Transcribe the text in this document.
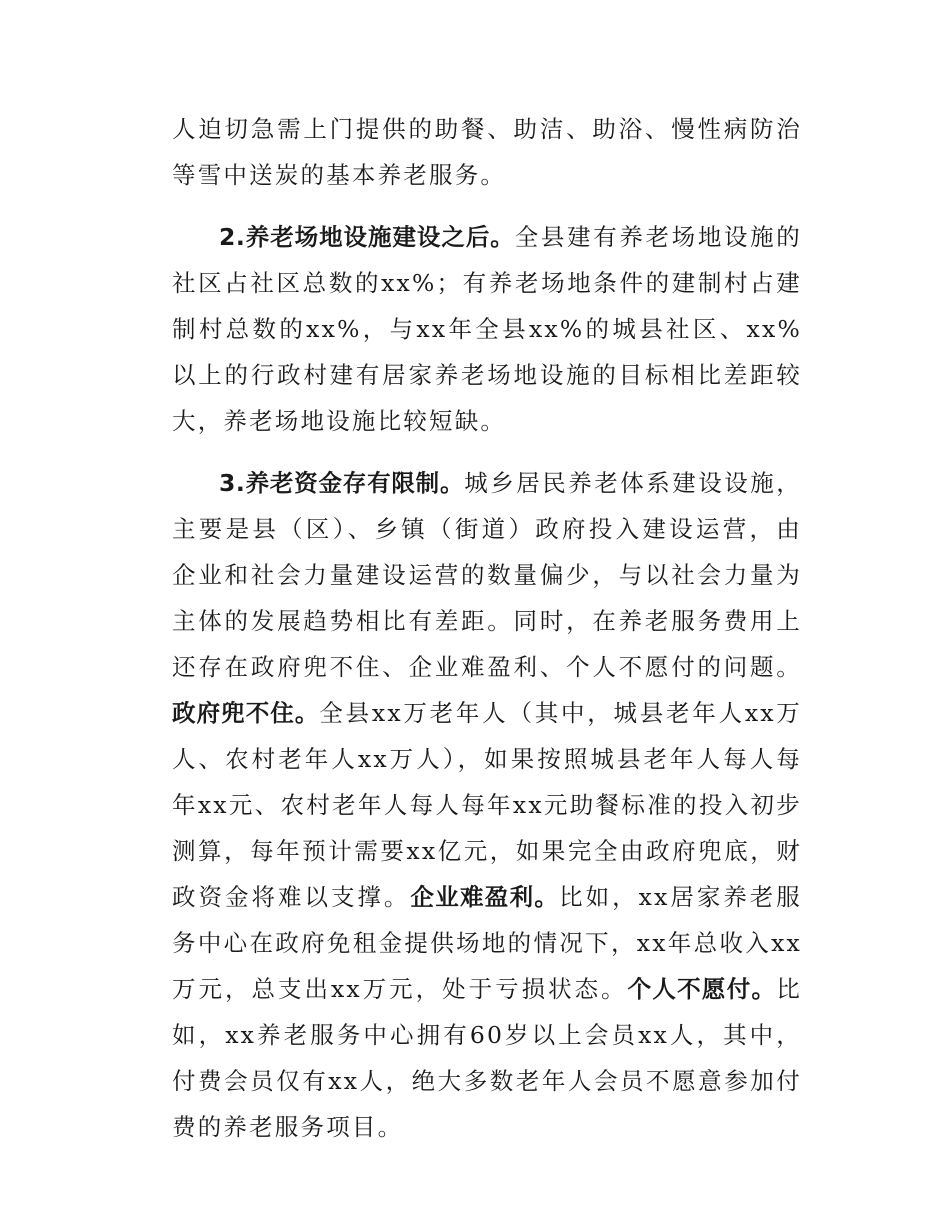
人迫切急需上门提供的助餐、助洁、助浴、慢性病防治等雪中送炭的基本养老服务。

2.养老场地设施建设之后。全县建有养老场地设施的社区占社区总数的xx%；有养老场地条件的建制村占建制村总数的xx%，与xx年全县xx%的城县社区、xx%以上的行政村建有居家养老场地设施的目标相比差距较大，养老场地设施比较短缺。

3.养老资金存有限制。城乡居民养老体系建设设施，主要是县（区）、乡镇（街道）政府投入建设运营，由企业和社会力量建设运营的数量偏少，与以社会力量为主体的发展趋势相比有差距。同时，在养老服务费用上还存在政府兜不住、企业难盈利、个人不愿付的问题。政府兜不住。全县xx万老年人（其中，城县老年人xx万人、农村老年人xx万人），如果按照城县老年人每人每年xx元、农村老年人每人每年xx元助餐标准的投入初步测算，每年预计需要xx亿元，如果完全由政府兜底，财政资金将难以支撑。企业难盈利。比如，xx居家养老服务中心在政府免租金提供场地的情况下，xx年总收入xx万元，总支出xx万元，处于亏损状态。个人不愿付。比如，xx养老服务中心拥有60岁以上会员xx人，其中，付费会员仅有xx人，绝大多数老年人会员不愿意参加付费的养老服务项目。
